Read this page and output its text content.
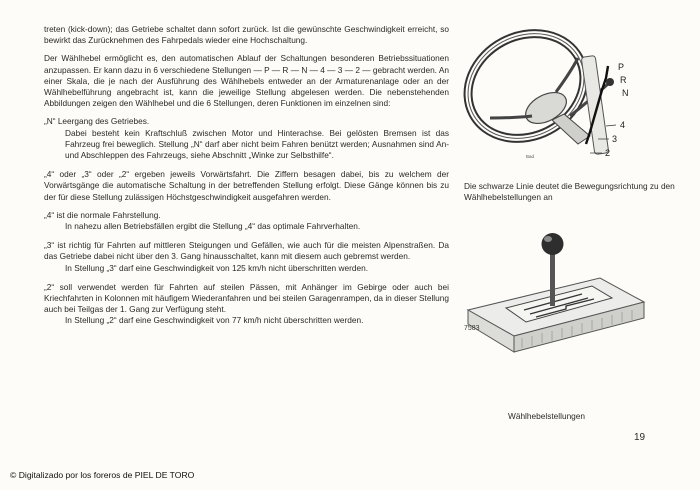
treten (kick-down); das Getriebe schaltet dann sofort zurück. Ist die gewünschte Geschwindigkeit erreicht, so bewirkt das Zurücknehmen des Fahrpedals wieder eine Hochschaltung.

Der Wählhebel ermöglicht es, den automatischen Ablauf der Schaltungen besonderen Betriebssituationen anzupassen. Er kann dazu in 6 verschiedene Stellungen — P — R — N — 4 — 3 — 2 — gebracht werden. An einer Skala, die je nach der Ausführung des Wählhebels entweder an der Armaturenanlage oder an der Wählhebelführung angebracht ist, kann die jeweilige Stellung abgelesen werden. Die nebenstehenden Abbildungen zeigen den Wählhebel und die 6 Stellungen, deren Funktionen im einzelnen sind:

„N“ Leergang des Getriebes.
Dabei besteht kein Kraftschluß zwischen Motor und Hinterachse. Bei gelösten Bremsen ist das Fahrzeug frei beweglich. Stellung „N“ darf aber nicht beim Fahren benützt werden; Ausnahmen sind An- und Abschleppen des Fahrzeugs, siehe Abschnitt „Winke zur Selbsthilfe“.

„4“ oder „3“ oder „2“ ergeben jeweils Vorwärtsfahrt. Die Ziffern besagen dabei, bis zu welchem der Vorwärtsgänge die automatische Schaltung in der betreffenden Stellung erfolgt. Diese Gänge können bis zu der für diese Stellung zulässigen Höchstgeschwindigkeit ausgefahren werden.

„4“ ist die normale Fahrstellung.
In nahezu allen Betriebsfällen ergibt die Stellung „4“ das optimale Fahrverhalten.
„3“ ist richtig für Fahrten auf mittleren Steigungen und Gefällen, wie auch für die meisten Alpenstraßen. Da das Getriebe dabei nicht über den 3. Gang hinausschaltet, kann mit diesem auch gebremst werden.
In Stellung „3“ darf eine Geschwindigkeit von 125 km/h nicht überschritten werden.
„2“ soll verwendet werden für Fahrten auf steilen Pässen, mit Anhänger im Gebirge oder auch bei Kriechfahrten in Kolonnen mit häufigem Wiederanfahren und bei steilen Garagenrampen, da in dieser Stellung auch bei Teilgas der 1. Gang zur Verfügung steht.
In Stellung „2“ darf eine Geschwindigkeit von 77 km/h nicht überschritten werden.
P
R
N
4
3
2
Bad
Die schwarze Linie deutet die Bewegungsrichtung zu den Wählhebelstellungen an
7583
Wählhebelstellungen
19
© Digitalizado por los foreros de PIEL DE TORO
